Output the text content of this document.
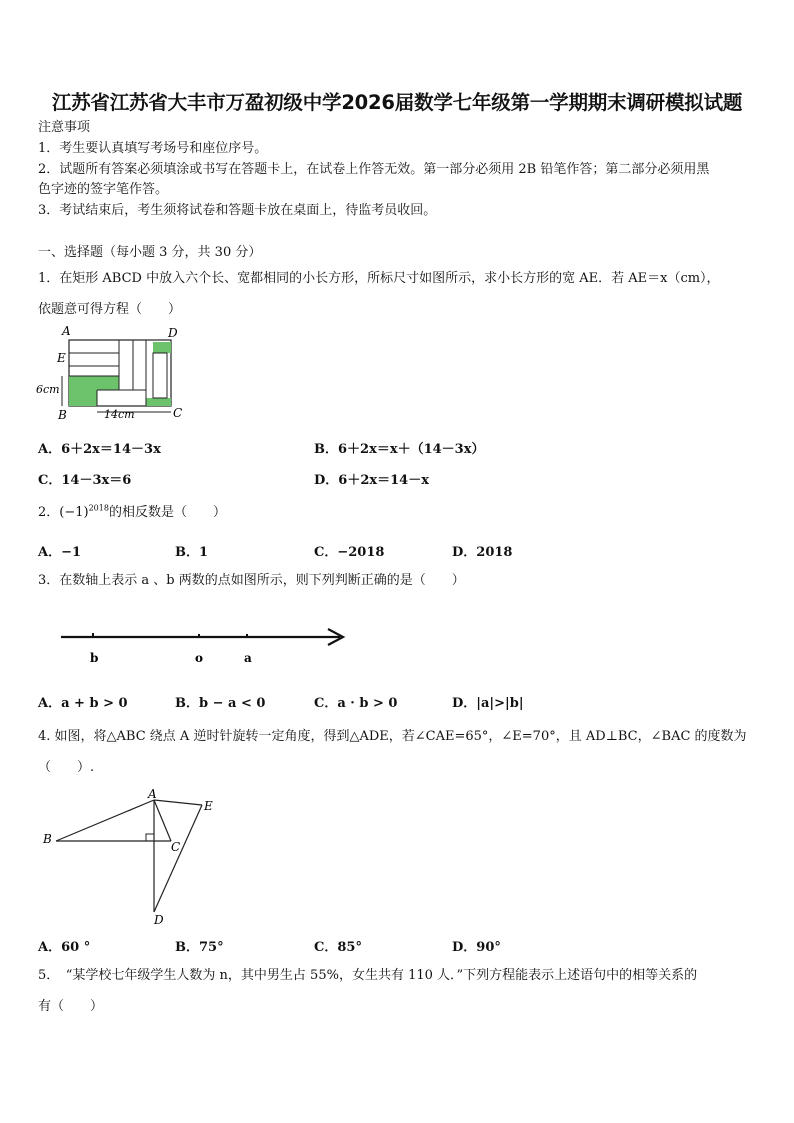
江苏省江苏省大丰市万盈初级中学2026届数学七年级第一学期期末调研模拟试题
注意事项
1．考生要认真填写考场号和座位序号。
2．试题所有答案必须填涂或书写在答题卡上，在试卷上作答无效。第一部分必须用 2B 铅笔作答；第二部分必须用黑
色字迹的签字笔作答。
3．考试结束后，考生须将试卷和答题卡放在桌面上，待监考员收回。
一、选择题（每小题 3 分，共 30 分）
1．在矩形 ABCD 中放入六个长、宽都相同的小长方形，所标尺寸如图所示，求小长方形的宽 AE．若 AE＝x（cm），
依题意可得方程（　　）
A	D
E
6cm
B	C
14cm
A．6＋2x＝14－3x	B．6＋2x＝x＋（14－3x）
C．14－3x＝6	D．6＋2x＝14－x
2．$(-1)^{2018}$的相反数是（　　）
A．−1	B．1	C．−2018	D．2018
3．在数轴上表示 a 、b 两数的点如图所示，则下列判断正确的是（　　）
b	o	a
A．a + b > 0	B．b − a < 0	C．a · b > 0	D．|a|>|b|
4. 如图，将△ABC 绕点 A 逆时针旋转一定角度，得到△ADE，若∠CAE=65°，∠E=70°，且 AD⊥BC，∠BAC 的度数为
（　　）.
A
B
C
D
E
A．60 °	B．75°	C．85°	D．90°
5．　“某学校七年级学生人数为 n，其中男生占 55%，女生共有 110 人．”下列方程能表示上述语句中的相等关系的
有（　　）
